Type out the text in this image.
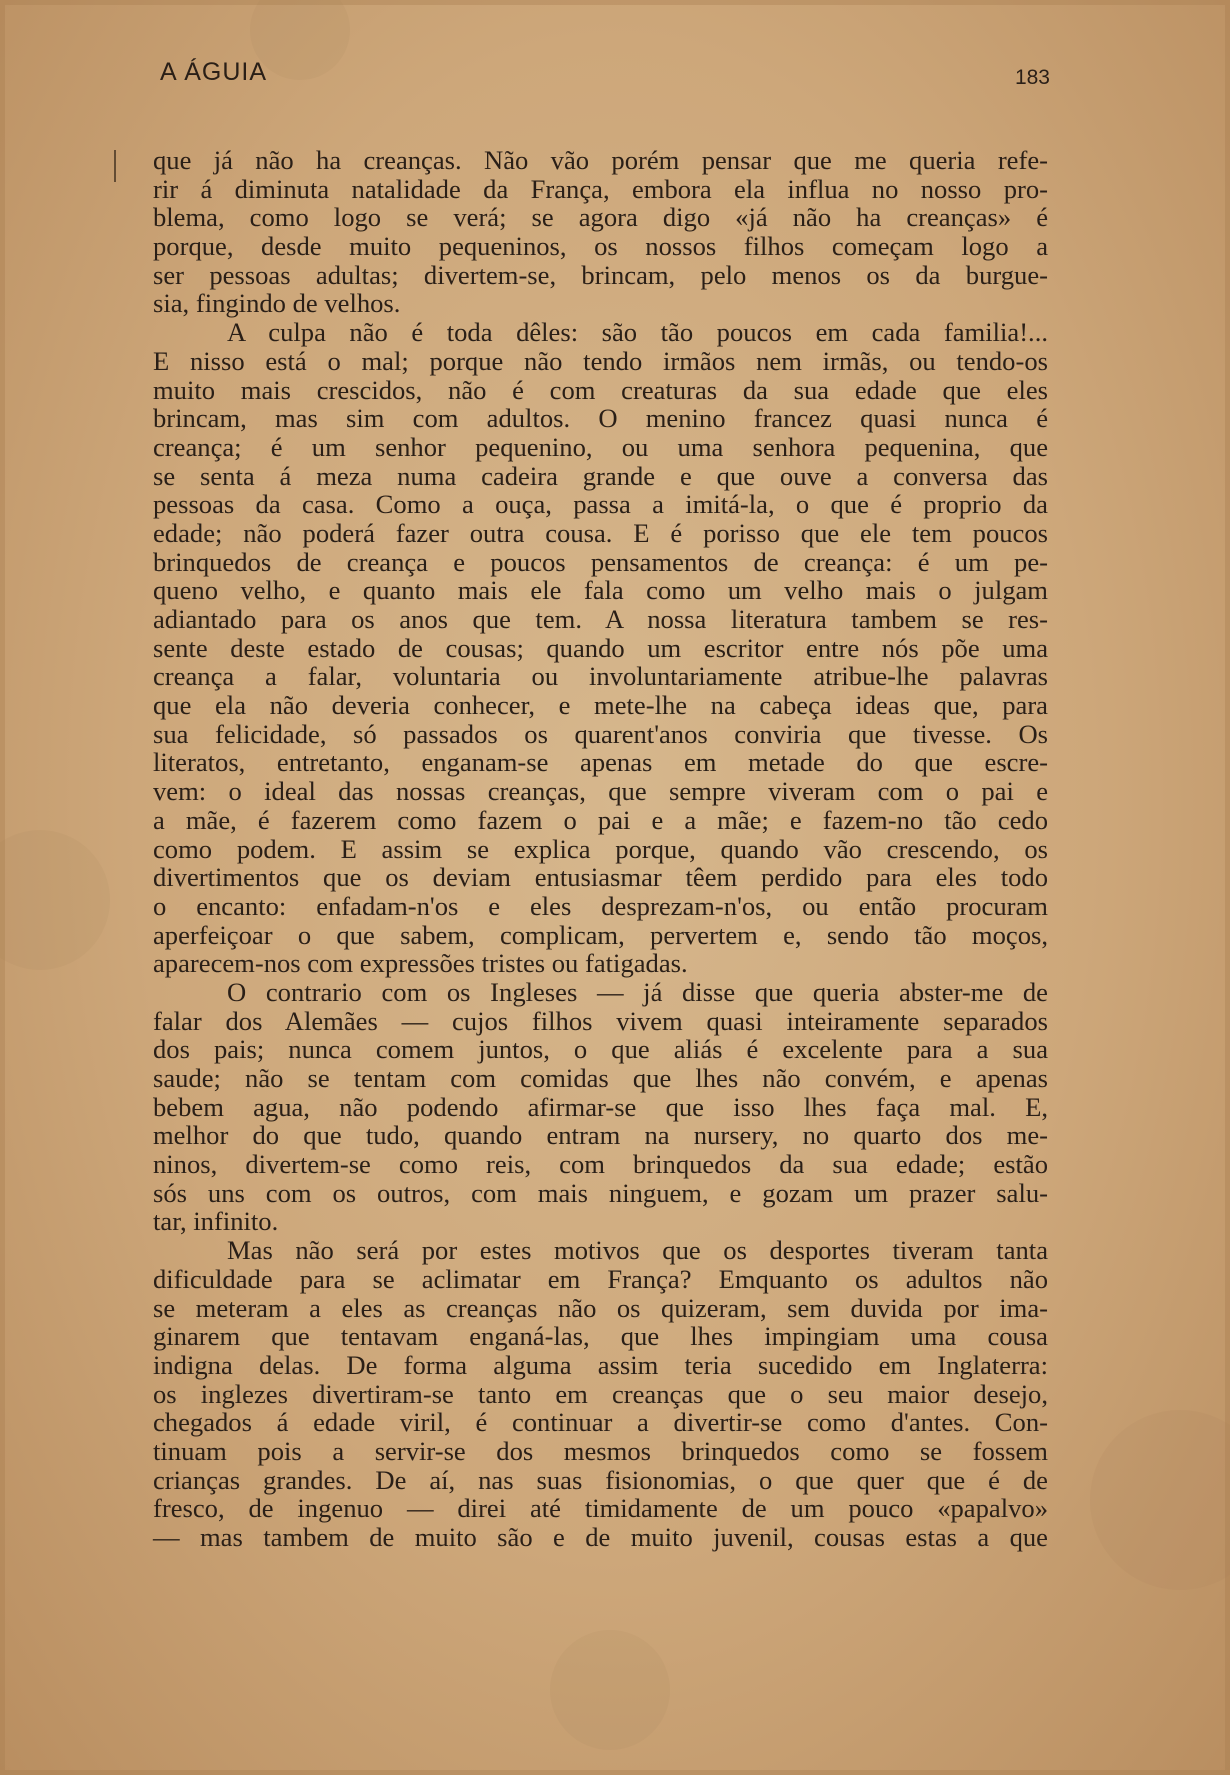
A ÁGUIA	183
que já não ha creanças. Não vão porém pensar que me queria refe-
rir á diminuta natalidade da França, embora ela influa no nosso pro-
blema, como logo se verá; se agora digo «já não ha creanças» é
porque, desde muito pequeninos, os nossos filhos começam logo a
ser pessoas adultas; divertem-se, brincam, pelo menos os da burgue-
sia, fingindo de velhos.
A culpa não é toda dêles: são tão poucos em cada familia!...
E nisso está o mal; porque não tendo irmãos nem irmãs, ou tendo-os
muito mais crescidos, não é com creaturas da sua edade que eles
brincam, mas sim com adultos. O menino francez quasi nunca é
creança; é um senhor pequenino, ou uma senhora pequenina, que
se senta á meza numa cadeira grande e que ouve a conversa das
pessoas da casa. Como a ouça, passa a imitá-la, o que é proprio da
edade; não poderá fazer outra cousa. E é porisso que ele tem poucos
brinquedos de creança e poucos pensamentos de creança: é um pe-
queno velho, e quanto mais ele fala como um velho mais o julgam
adiantado para os anos que tem. A nossa literatura tambem se res-
sente deste estado de cousas; quando um escritor entre nós põe uma
creança a falar, voluntaria ou involuntariamente atribue-lhe palavras
que ela não deveria conhecer, e mete-lhe na cabeça ideas que, para
sua felicidade, só passados os quarent'anos conviria que tivesse. Os
literatos, entretanto, enganam-se apenas em metade do que escre-
vem: o ideal das nossas creanças, que sempre viveram com o pai e
a mãe, é fazerem como fazem o pai e a mãe; e fazem-no tão cedo
como podem. E assim se explica porque, quando vão crescendo, os
divertimentos que os deviam entusiasmar têem perdido para eles todo
o encanto: enfadam-n'os e eles desprezam-n'os, ou então procuram
aperfeiçoar o que sabem, complicam, pervertem e, sendo tão moços,
aparecem-nos com expressões tristes ou fatigadas.
O contrario com os Ingleses — já disse que queria abster-me de
falar dos Alemães — cujos filhos vivem quasi inteiramente separados
dos pais; nunca comem juntos, o que aliás é excelente para a sua
saude; não se tentam com comidas que lhes não convém, e apenas
bebem agua, não podendo afirmar-se que isso lhes faça mal. E,
melhor do que tudo, quando entram na nursery, no quarto dos me-
ninos, divertem-se como reis, com brinquedos da sua edade; estão
sós uns com os outros, com mais ninguem, e gozam um prazer salu-
tar, infinito.
Mas não será por estes motivos que os desportes tiveram tanta
dificuldade para se aclimatar em França? Emquanto os adultos não
se meteram a eles as creanças não os quizeram, sem duvida por ima-
ginarem que tentavam enganá-las, que lhes impingiam uma cousa
indigna delas. De forma alguma assim teria sucedido em Inglaterra:
os inglezes divertiram-se tanto em creanças que o seu maior desejo,
chegados á edade viril, é continuar a divertir-se como d'antes. Con-
tinuam pois a servir-se dos mesmos brinquedos como se fossem
crianças grandes. De aí, nas suas fisionomias, o que quer que é de
fresco, de ingenuo — direi até timidamente de um pouco «papalvo»
— mas tambem de muito são e de muito juvenil, cousas estas a que
